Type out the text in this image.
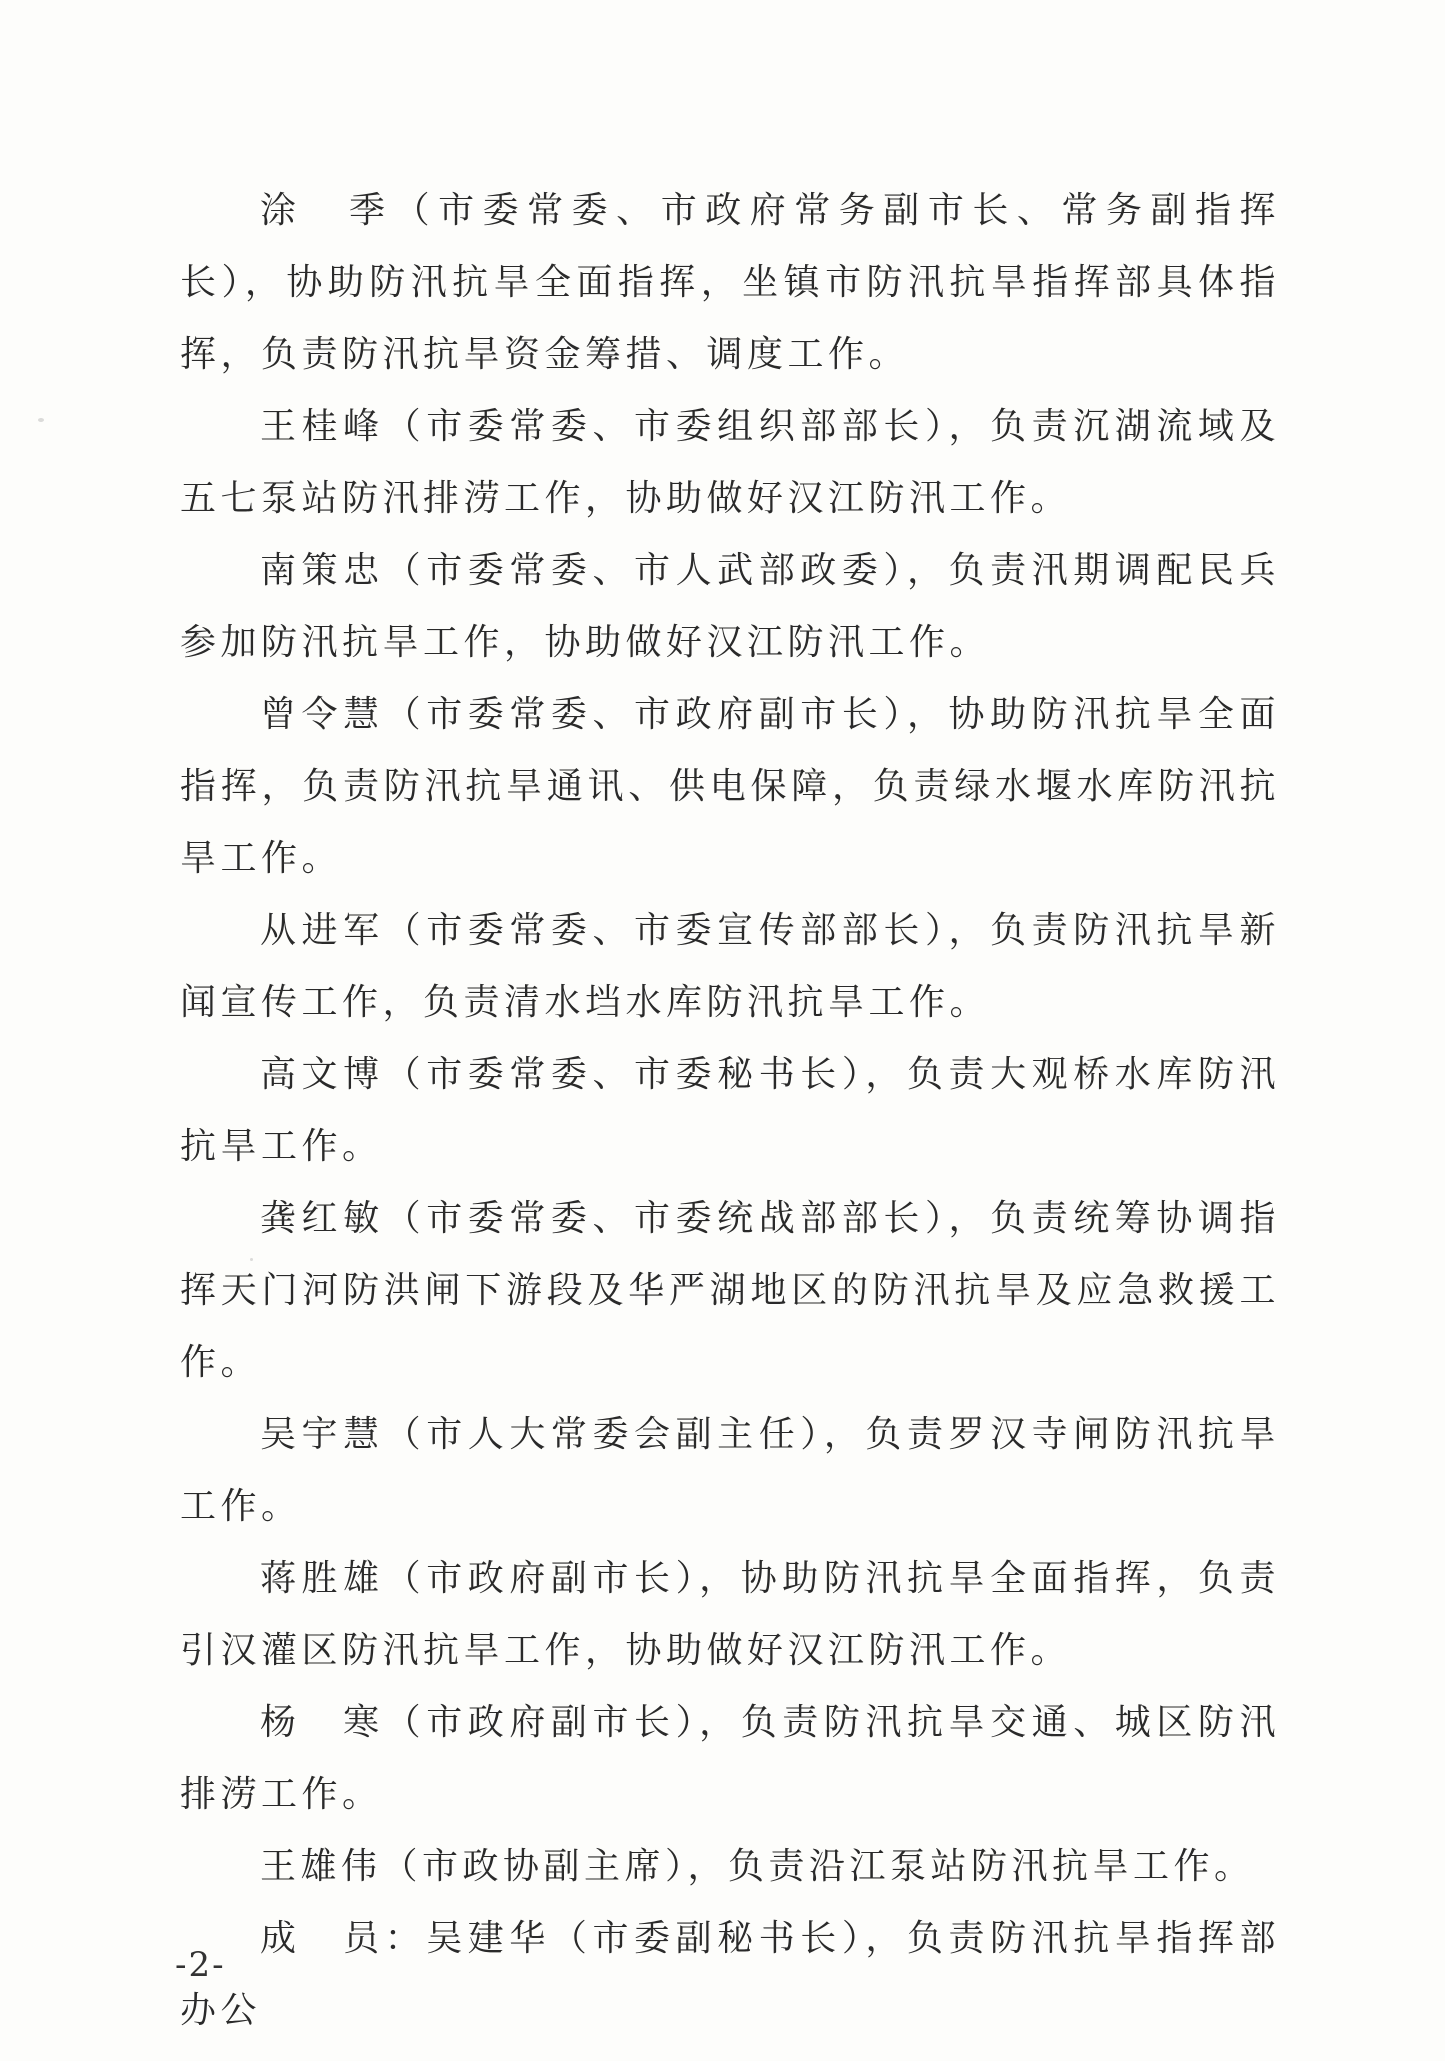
涂　季（市委常委、市政府常务副市长、常务副指挥长），协助防汛抗旱全面指挥，坐镇市防汛抗旱指挥部具体指挥，负责防汛抗旱资金筹措、调度工作。

王桂峰（市委常委、市委组织部部长），负责沉湖流域及五七泵站防汛排涝工作，协助做好汉江防汛工作。

南策忠（市委常委、市人武部政委），负责汛期调配民兵参加防汛抗旱工作，协助做好汉江防汛工作。

曾令慧（市委常委、市政府副市长），协助防汛抗旱全面指挥，负责防汛抗旱通讯、供电保障，负责绿水堰水库防汛抗旱工作。

从进军（市委常委、市委宣传部部长），负责防汛抗旱新闻宣传工作，负责清水垱水库防汛抗旱工作。

高文博（市委常委、市委秘书长），负责大观桥水库防汛抗旱工作。

龚红敏（市委常委、市委统战部部长），负责统筹协调指挥天门河防洪闸下游段及华严湖地区的防汛抗旱及应急救援工作。

吴宇慧（市人大常委会副主任），负责罗汉寺闸防汛抗旱工作。

蒋胜雄（市政府副市长），协助防汛抗旱全面指挥，负责引汉灌区防汛抗旱工作，协助做好汉江防汛工作。

杨　寒（市政府副市长），负责防汛抗旱交通、城区防汛排涝工作。

王雄伟（市政协副主席），负责沿江泵站防汛抗旱工作。

成　员：吴建华（市委副秘书长），负责防汛抗旱指挥部办公

-2-
